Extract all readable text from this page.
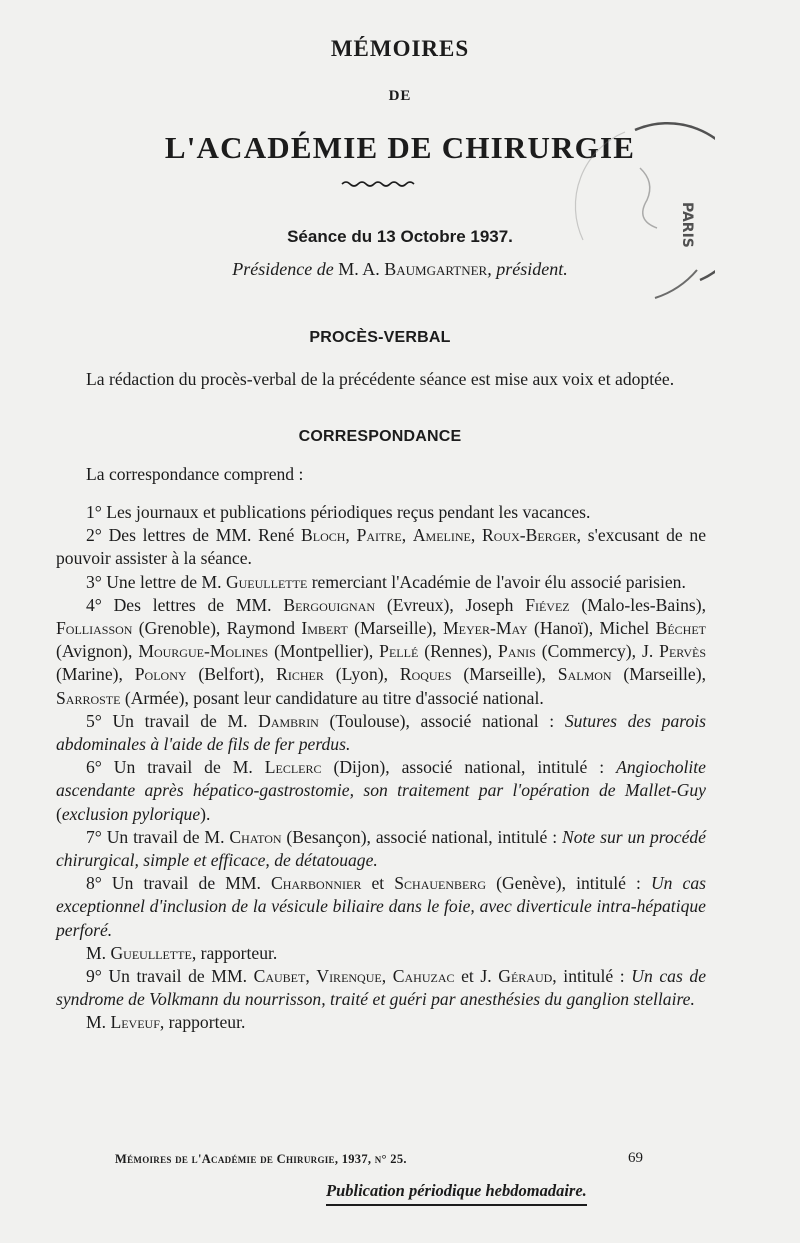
MÉMOIRES
DE
L'ACADÉMIE DE CHIRURGIE
Séance du 13 Octobre 1937.
Présidence de M. A. Baumgartner, président.
PARIS
PROCÈS-VERBAL

La rédaction du procès-verbal de la précédente séance est mise aux voix et adoptée.

CORRESPONDANCE

La correspondance comprend :

1° Les journaux et publications périodiques reçus pendant les vacances.

2° Des lettres de MM. René Bloch, Paitre, Ameline, Roux-Berger, s'excusant de ne pouvoir assister à la séance.

3° Une lettre de M. Gueullette remerciant l'Académie de l'avoir élu associé parisien.

4° Des lettres de MM. Bergouignan (Evreux), Joseph Fiévez (Malo-les-Bains), Folliasson (Grenoble), Raymond Imbert (Marseille), Meyer-May (Hanoï), Michel Béchet (Avignon), Mourgue-Molines (Montpellier), Pellé (Rennes), Panis (Commercy), J. Pervès (Marine), Polony (Belfort), Richer (Lyon), Roques (Marseille), Salmon (Marseille), Sarroste (Armée), posant leur candidature au titre d'associé national.

5° Un travail de M. Dambrin (Toulouse), associé national : Sutures des parois abdominales à l'aide de fils de fer perdus.

6° Un travail de M. Leclerc (Dijon), associé national, intitulé : Angiocholite ascendante après hépatico-gastrostomie, son traitement par l'opération de Mallet-Guy (exclusion pylorique).

7° Un travail de M. Chaton (Besançon), associé national, intitulé : Note sur un procédé chirurgical, simple et efficace, de détatouage.

8° Un travail de MM. Charbonnier et Schauenberg (Genève), intitulé : Un cas exceptionnel d'inclusion de la vésicule biliaire dans le foie, avec diverticule intra-hépatique perforé.

M. Gueullette, rapporteur.

9° Un travail de MM. Caubet, Virenque, Cahuzac et J. Géraud, intitulé : Un cas de syndrome de Volkmann du nourrisson, traité et guéri par anesthésies du ganglion stellaire.

M. Leveuf, rapporteur.

Mémoires de l'Académie de Chirurgie, 1937, n° 25.	69
Publication périodique hebdomadaire.
